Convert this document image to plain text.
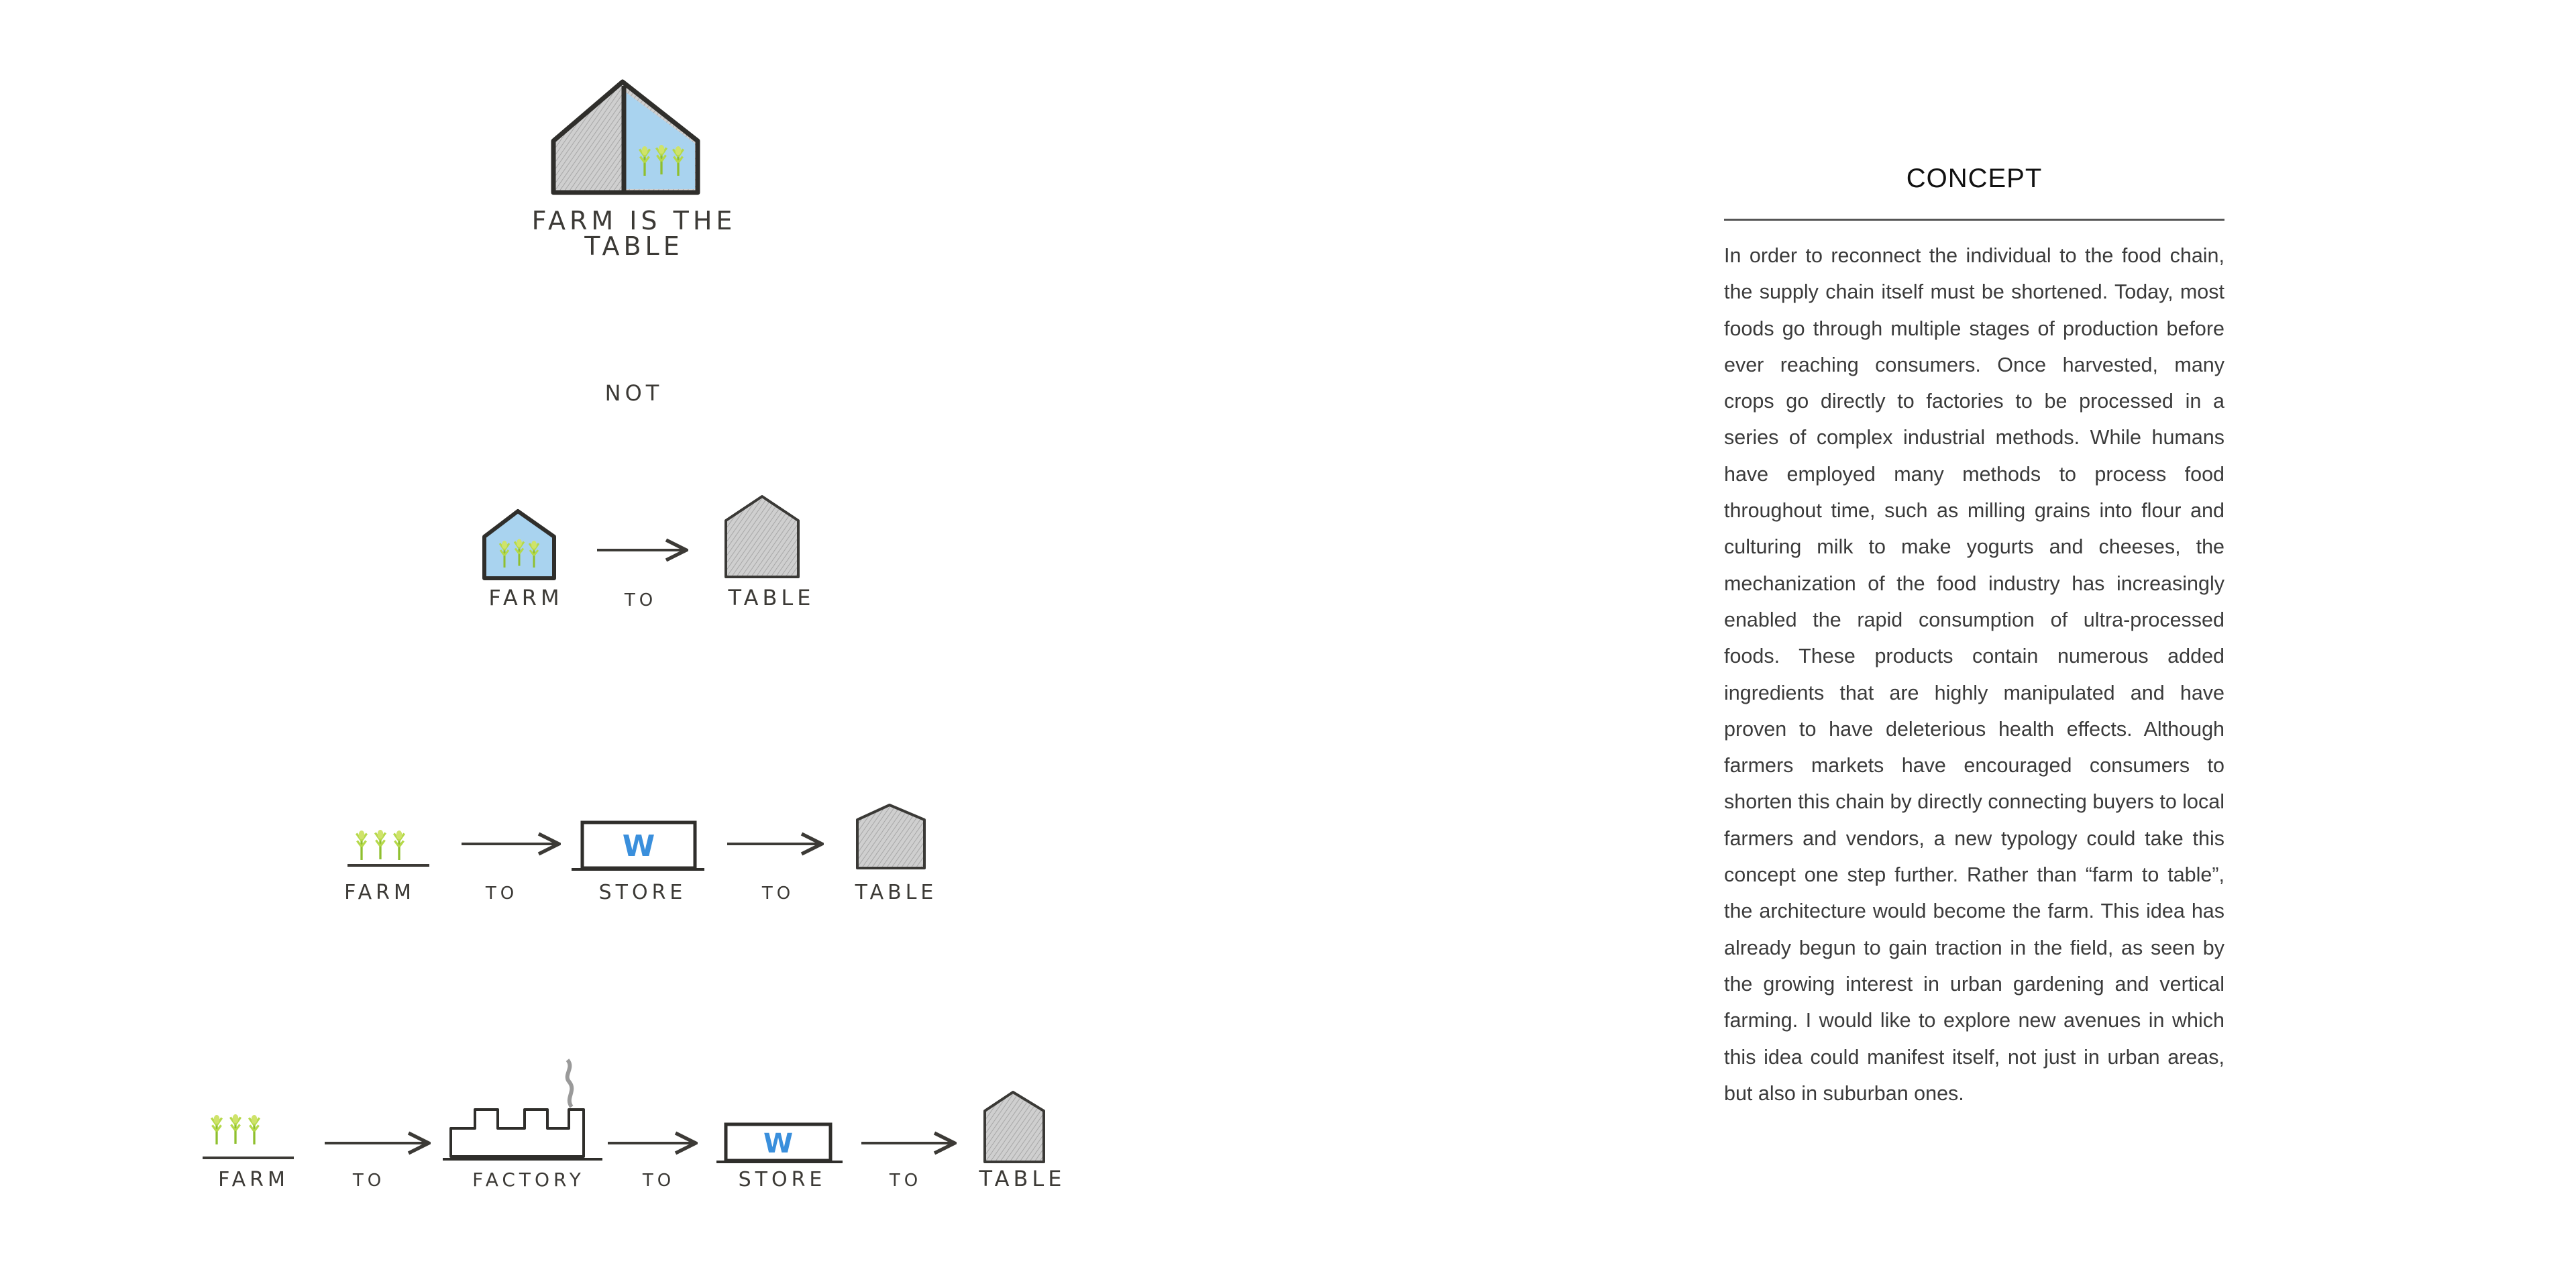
FARM IS THE
TABLE
NOT
FARM	TO	TABLE
W
FARM	TO	STORE	TO	TABLE
W
FARM	TO	FACTORY	TO	STORE	TO	TABLE
CONCEPT

In order to reconnect the individual to the food chain, the supply chain itself must be shortened. Today, most foods go through multiple stages of production before ever reaching consumers. Once harvested, many crops go directly to factories to be processed in a series of complex industrial methods. While humans have employed many methods to process food throughout time, such as milling grains into flour and culturing milk to make yogurts and cheeses, the mechanization of the food industry has increasingly enabled the rapid consumption of ultra-processed foods. These products contain numerous added ingredients that are highly manipulated and have proven to have deleterious health effects. Although farmers markets have encouraged consumers to shorten this chain by directly connecting buyers to local farmers and vendors, a new typology could take this concept one step further. Rather than “farm to table”, the architecture would become the farm. This idea has already begun to gain traction in the field, as seen by the growing interest in urban gardening and vertical farming. I would like to explore new avenues in which this idea could manifest itself, not just in urban areas, but also in suburban ones.
